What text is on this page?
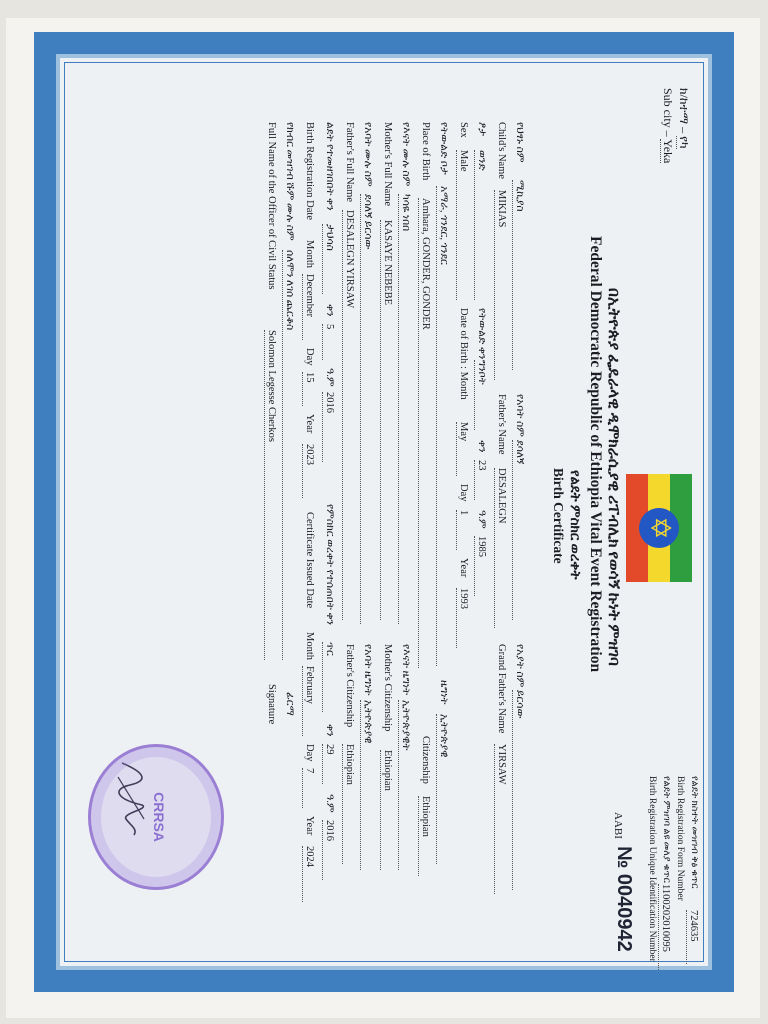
✡
የልደት ክስተት መዝገብ ቅፅ ቁጥር
724635
Birth Registration Form Number
የልደት ምዝገባ ልዩ መለያ ቁጥር
1100202010095
Birth Registration Unique Identification Number
AABI
№ 0040942
በኢትዮጵያ ፌዴራላዊ ዲሞክራሲያዊ ሪፐብሊክ የወሳኝ ኩነት ምዝገባ
Federal Democratic Republic of Ethiopia Vital Event Registration
የልደት ምስክር ወረቀት
Birth Certificate
ክ/ከተማ – የካ
Sub city – Yeka
የህፃኑ ስም
ሚኪያስ
የአባት ስም
ደሳለኝ
የአያት ስም
ይርሳው
Child's Name
MIKIAS
Father's Name
DESALEGN
Grand Father's Name
YIRSAW
ፆታ
ወንድ
የትውልድ ቀን
ግንቦት
ቀን
23
ዓ.ም
1985
Sex
Male
Date of Birth : Month
May
Day
1
Year
1993
የትውልድ ቦታ
አማራ, ጎንደር, ጎንደር
ዜግነት
ኢትዮጵያዊ
Place of Birth
Amhara, GONDER, GONDER
Citizenship
Ethiopian
የእናት ሙሉ ስም
ካሳዬ ነበበ
የእናት ዜግነት
ኢትዮጵያዊት
Mother's Full Name
KASAYE NEBEBE
Mother's Citizenship
Ethiopian
የአባት ሙሉ ስም
ደሳለኝ ይርሳው
የአባት ዜግነት
ኢትዮጵያዊ
Father's Full Name
DESALEGN YIRSAW
Father's Citizenship
Ethiopian
ልደት የተመዘገበበት ቀን
ታህሳስ
ቀን
5
ዓ.ም
2016
የምስክር ወረቀት የተሰጠበት ቀን
ጥር
ቀን
29
ዓ.ም
2016
Birth Registration Date
Month
December
Day
15
Year
2023
Certificate Issued Date
Month
February
Day
7
Year
2024
የክብር መዝገብ ሹም ሙሉ ስም
ሰለሞን ለገሰ ጨርቆስ
ፊርማ
Full Name of the Officer of Civil Status
Solomon Legesse Cherkos
Signature
CRRSA
